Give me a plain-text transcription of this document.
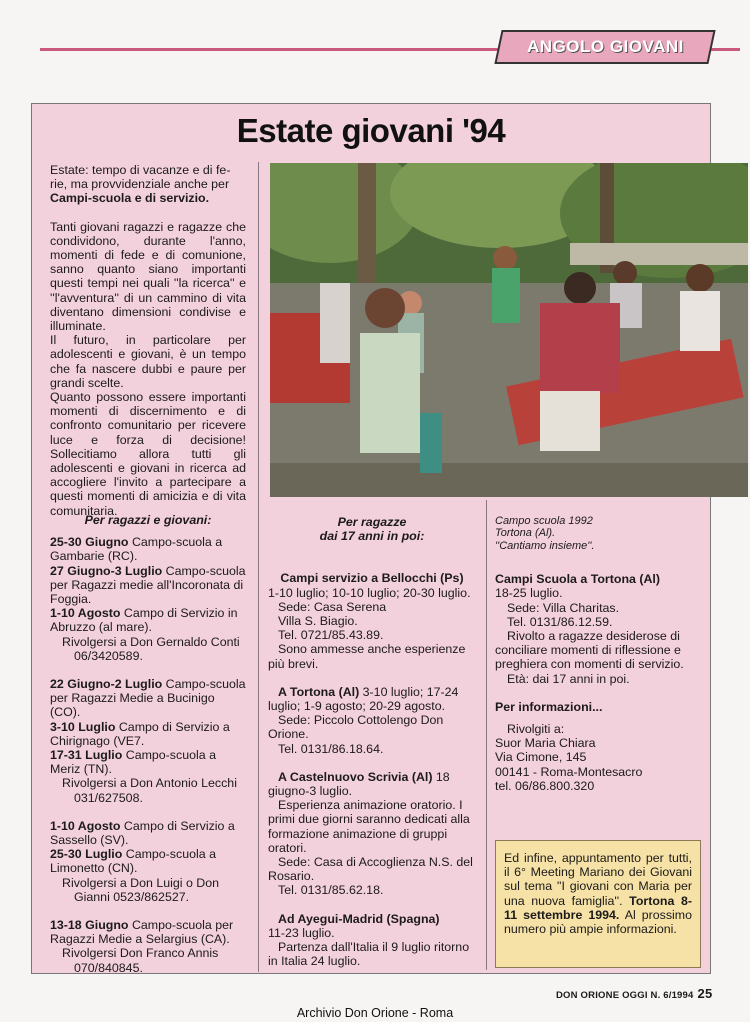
ANGOLO GIOVANI
Estate giovani '94

Estate: tempo di vacanze e di fe-

rie, ma provvidenziale anche per

Campi-scuola e di servizio.

Tanti giovani ragazzi e ragazze che condividono, durante l'anno, momenti di fede e di comunione, sanno quanto siano importanti questi tempi nei quali ''la ricerca'' e ''l'avventura'' di un cammino di vita diventano dimensioni condivise e illuminate.

Il futuro, in particolare per adolescenti e giovani, è un tempo che fa nascere dubbi e paure per grandi scelte.

Quanto possono essere importanti momenti di discernimento e di confronto comunitario per ricevere luce e forza di decisione! Sollecitiamo allora tutti gli adolescenti e giovani in ricerca ad accogliere l'invito a partecipare a questi momenti di amicizia e di vita comunitaria.

Per ragazzi e giovani:

25-30 Giugno Campo-scuola a Gambarie (RC).

27 Giugno-3 Luglio Campo-scuola per Ragazzi medie all'Incoronata di Foggia.

1-10 Agosto Campo di Servizio in Abruzzo (al mare).

Rivolgersi a Don Gernaldo Conti 06/3420589.

22 Giugno-2 Luglio Campo-scuola per Ragazzi Medie a Bucinigo (CO).

3-10 Luglio Campo di Servizio a Chirignago (VE7.

17-31 Luglio Campo-scuola a Meriz (TN).

Rivolgersi a Don Antonio Lecchi 031/627508.

1-10 Agosto Campo di Servizio a Sassello (SV).

25-30 Luglio Campo-scuola a Limonetto (CN).

Rivolgersi a Don Luigi o Don Gianni 0523/862527.

13-18 Giugno Campo-scuola per Ragazzi Medie a Selargius (CA).

Rivolgersi Don Franco Annis 070/840845.

Per ragazze

dai 17 anni in poi:

Campi servizio a Bellocchi (Ps)

1-10 luglio; 10-10 luglio; 20-30 luglio.

Sede: Casa Serena

Villa S. Biagio.

Tel. 0721/85.43.89.

Sono ammesse anche esperienze più brevi.

A Tortona (Al) 3-10 luglio; 17-24 luglio; 1-9 agosto; 20-29 agosto.

Sede: Piccolo Cottolengo Don Orione.

Tel. 0131/86.18.64.

A Castelnuovo Scrivia (Al) 18 giugno-3 luglio.

Esperienza animazione oratorio. I primi due giorni saranno dedicati alla formazione animazione di gruppi oratori.

Sede: Casa di Accoglienza N.S. del Rosario.

Tel. 0131/85.62.18.

Ad Ayegui-Madrid (Spagna)

11-23 luglio.

Partenza dall'Italia il 9 luglio ritorno in Italia 24 luglio.

Campo scuola 1992

Tortona (Al).

''Cantiamo insieme''.

Campi Scuola a Tortona (Al)

18-25 luglio.

Sede: Villa Charitas.

Tel. 0131/86.12.59.

Rivolto a ragazze desiderose di conciliare momenti di riflessione e preghiera con momenti di servizio.

Età: dai 17 anni in poi.

Per informazioni...

Rivolgiti a:

Suor Maria Chiara

Via Cimone, 145

00141 - Roma-Montesacro

tel. 06/86.800.320

Ed infine, appuntamento per tutti, il 6° Meeting Mariano dei Giovani sul tema ''I giovani con Maria per una nuova famiglia''. Tortona 8-11 settembre 1994. Al prossimo numero più ampie informazioni.
DON ORIONE OGGI N. 6/1994 25
Archivio Don Orione - Roma
